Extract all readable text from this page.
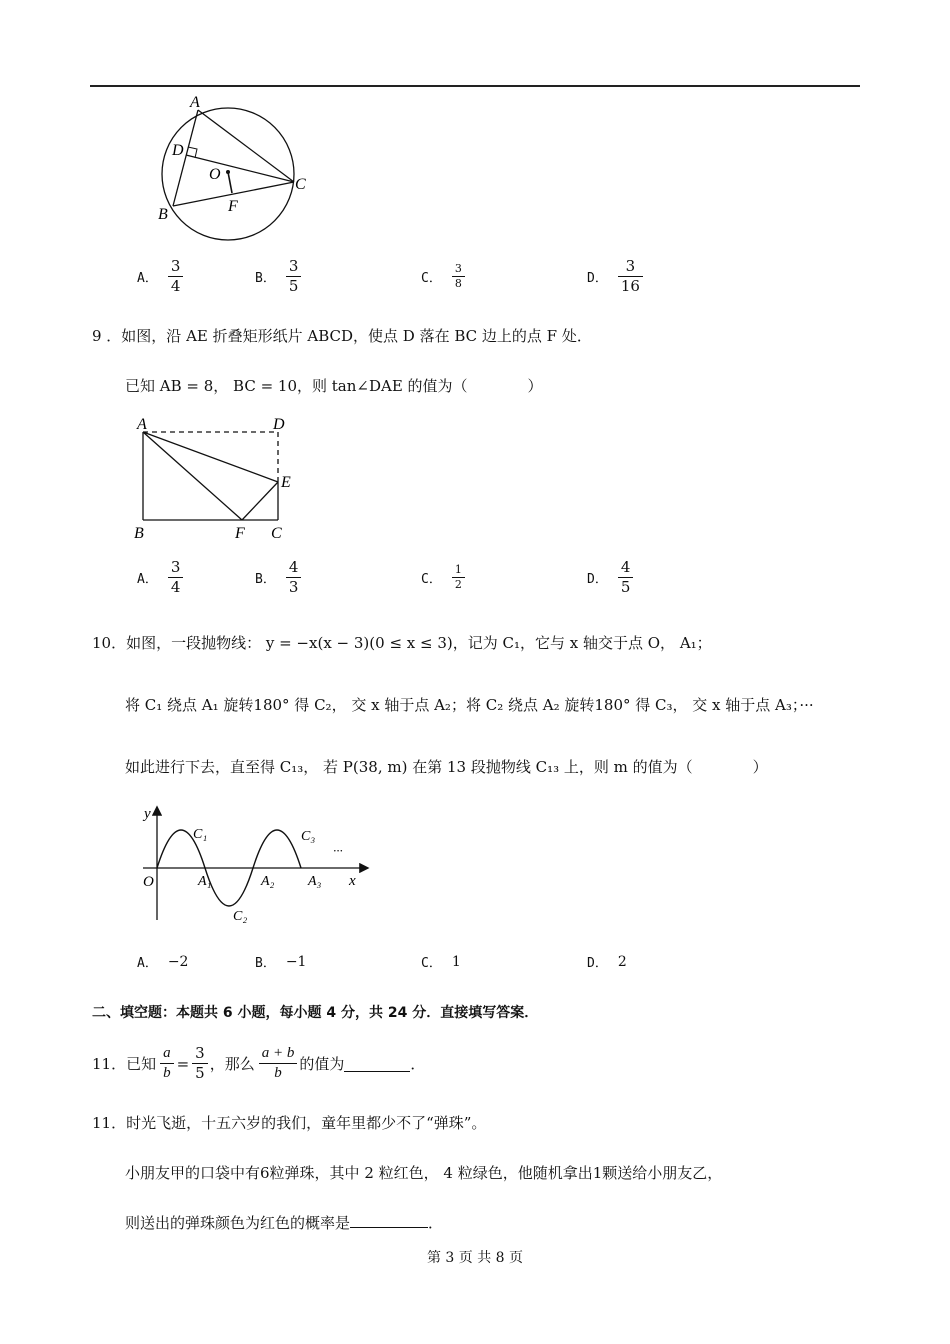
A
D
O
C
B	F
A． $\frac{3}{4}$	B． $\frac{3}{5}$	C． $\frac{3}{8}$	D． $\frac{3}{16}$
9 ．如图，沿 AE 折叠矩形纸片 ABCD，使点 D 落在 BC 边上的点 F 处．
已知 AB = 8， BC = 10，则 tan∠DAE 的值为（　　　　）
A	D
E
B	F C
A． $\frac{3}{4}$	B． $\frac{4}{3}$	C． $\frac{1}{2}$	D． $\frac{4}{5}$
10．如图，一段抛物线： y = −x(x − 3)(0 ≤ x ≤ 3)，记为 C₁，它与 x 轴交于点 O， A₁；
将 C₁ 绕点 A₁ 旋转180° 得 C₂， 交 x 轴于点 A₂；将 C₂ 绕点 A₂ 旋转180° 得 C₃， 交 x 轴于点 A₃；···
如此进行下去，直至得 C₁₃， 若 P(38, m) 在第 13 段抛物线 C₁₃ 上，则 m 的值为（　　　　）
y
x
O
C₁
C₂
C₃
A₁	A₂ A₃
···
A． −2	B． −1	C． 1	D． 2
二、填空题：本题共 6 小题，每小题 4 分，共 24 分．直接填写答案．
11．已知 $\frac{a}{b} = \frac{3}{5}$ ，那么 $\frac{a + b}{b}$ 的值为	．
11．时光飞逝，十五六岁的我们，童年里都少不了“弹珠”。
小朋友甲的口袋中有6粒弹珠，其中 2 粒红色， 4 粒绿色，他随机拿出1颗送给小朋友乙，
则送出的弹珠颜色为红色的概率是	．
第 3 页 共 8 页
